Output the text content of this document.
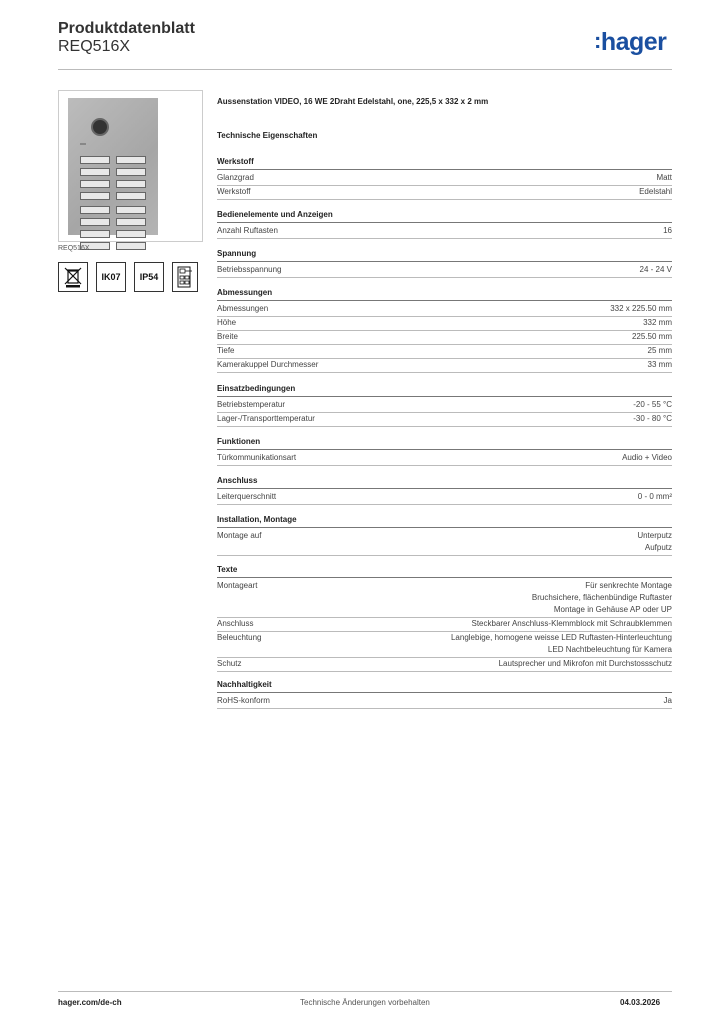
Produktdatenblatt
REQ516X	:hager
REQ516X
IK07 IP54
Aussenstation VIDEO, 16 WE 2Draht Edelstahl, one, 225,5 x 332 x 2 mm
Technische Eigenschaften
Werkstoff
Glanzgrad	Matt
Werkstoff	Edelstahl
Bedienelemente und Anzeigen
Anzahl Ruftasten	16
Spannung
Betriebsspannung	24 - 24 V
Abmessungen
Abmessungen	332 x 225.50 mm
Höhe	332 mm
Breite	225.50 mm
Tiefe	25 mm
Kamerakuppel Durchmesser	33 mm
Einsatzbedingungen
Betriebstemperatur	-20 - 55 °C
Lager-/Transporttemperatur	-30 - 80 °C
Funktionen
Türkommunikationsart	Audio + Video
Anschluss
Leiterquerschnitt	0 - 0 mm²
Installation, Montage
Montage auf	Unterputz
Aufputz
Texte
Montageart	Für senkrechte Montage
Bruchsichere, flächenbündige Ruftaster
Montage in Gehäuse AP oder UP
Anschluss	Steckbarer Anschluss-Klemmblock mit Schraubklemmen
Beleuchtung	Langlebige, homogene weisse LED Ruftasten-Hinterleuchtung
LED Nachtbeleuchtung für Kamera
Schutz	Lautsprecher und Mikrofon mit Durchstossschutz
Nachhaltigkeit
RoHS-konform	Ja
hager.com/de-ch	Technische Änderungen vorbehalten	04.03.2026
